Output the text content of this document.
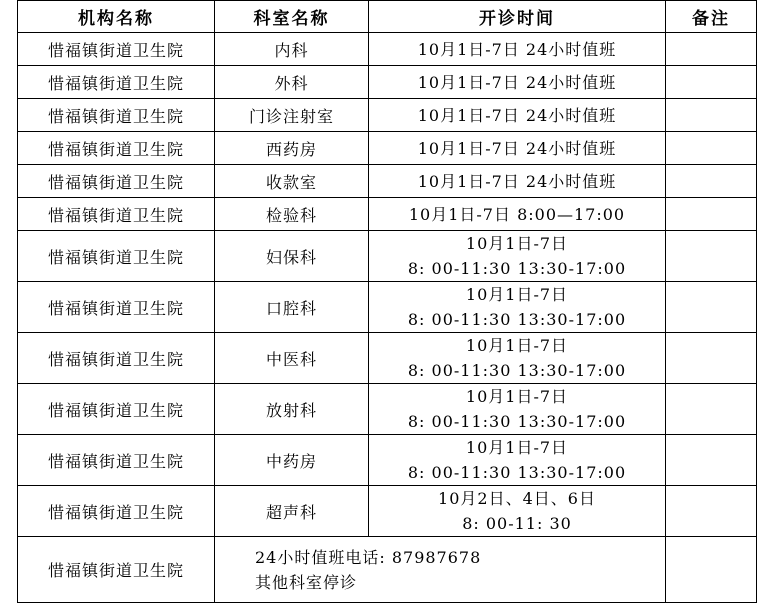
机构名称	科室名称	开诊时间	备注
惜福镇街道卫生院	内科	10月1日-7日 24小时值班	

惜福镇街道卫生院	外科	10月1日-7日 24小时值班	

惜福镇街道卫生院	门诊注射室	10月1日-7日 24小时值班	

惜福镇街道卫生院	西药房	10月1日-7日 24小时值班	

惜福镇街道卫生院	收款室	10月1日-7日 24小时值班	

惜福镇街道卫生院	检验科	10月1日-7日 8:00—17:00	

惜福镇街道卫生院	妇保科	10月1日-7日
8: 00-11:30 13:30-17:00	

惜福镇街道卫生院	口腔科	10月1日-7日
8: 00-11:30 13:30-17:00	

惜福镇街道卫生院	中医科	10月1日-7日
8: 00-11:30 13:30-17:00	

惜福镇街道卫生院	放射科	10月1日-7日
8: 00-11:30 13:30-17:00	

惜福镇街道卫生院	中药房	10月1日-7日
8: 00-11:30 13:30-17:00	

惜福镇街道卫生院	超声科	10月2日、4日、6日
8: 00-11: 30	

惜福镇街道卫生院	24小时值班电话: 87987678
其他科室停诊		
